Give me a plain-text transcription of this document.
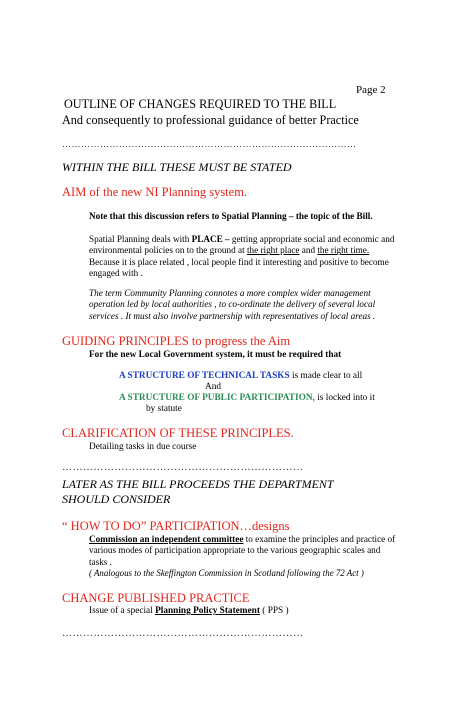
Page 2
OUTLINE OF CHANGES REQUIRED TO THE BILL
And consequently to professional guidance of better Practice
…………………………………………………………………………………
WITHIN THE BILL THESE MUST BE STATED
AIM of the new NI Planning system.
Note that this discussion refers to Spatial Planning – the topic of the Bill.
Spatial Planning deals with PLACE – getting appropriate social and economic and environmental policies on to the ground at the right place and the right time. Because it is place related , local people find it interesting and positive to become engaged with .
The term Community Planning connotes a more complex wider management operation led by local authorities , to co-ordinate the delivery of several local services . It must also involve partnership with representatives of local areas .
GUIDING PRINCIPLES to progress the Aim
For the new Local Government system, it must be required that
A STRUCTURE OF TECHNICAL TASKS is made clear to all
And
A STRUCTURE OF PUBLIC PARTICIPATION, is locked into it
by statute
CLARIFICATION OF THESE PRINCIPLES.
Detailing tasks in due course
……………………………………………………………
LATER AS THE BILL PROCEEDS THE DEPARTMENT
SHOULD CONSIDER
“ HOW TO DO” PARTICIPATION…designs
Commission an independent committee to examine the principles and practice of various modes of participation appropriate to the various geographic scales and tasks .
( Analogous to the Skeffington Commission in Scotland following the 72 Act )
CHANGE PUBLISHED PRACTICE
Issue of a special Planning Policy Statement ( PPS )
……………………………………………………………
